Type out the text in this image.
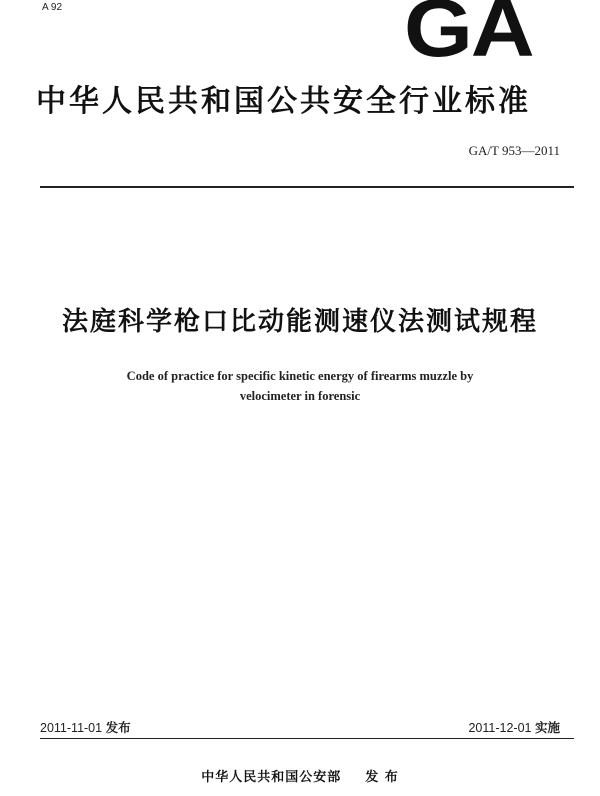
A 92	GA
中华人民共和国公共安全行业标准
GA/T 953—2011
法庭科学枪口比动能测速仪法测试规程
Code of practice for specific kinetic energy of firearms muzzle by
velocimeter in forensic
2011-11-01 发布	2011-12-01 实施
中华人民共和国公安部 发 布
